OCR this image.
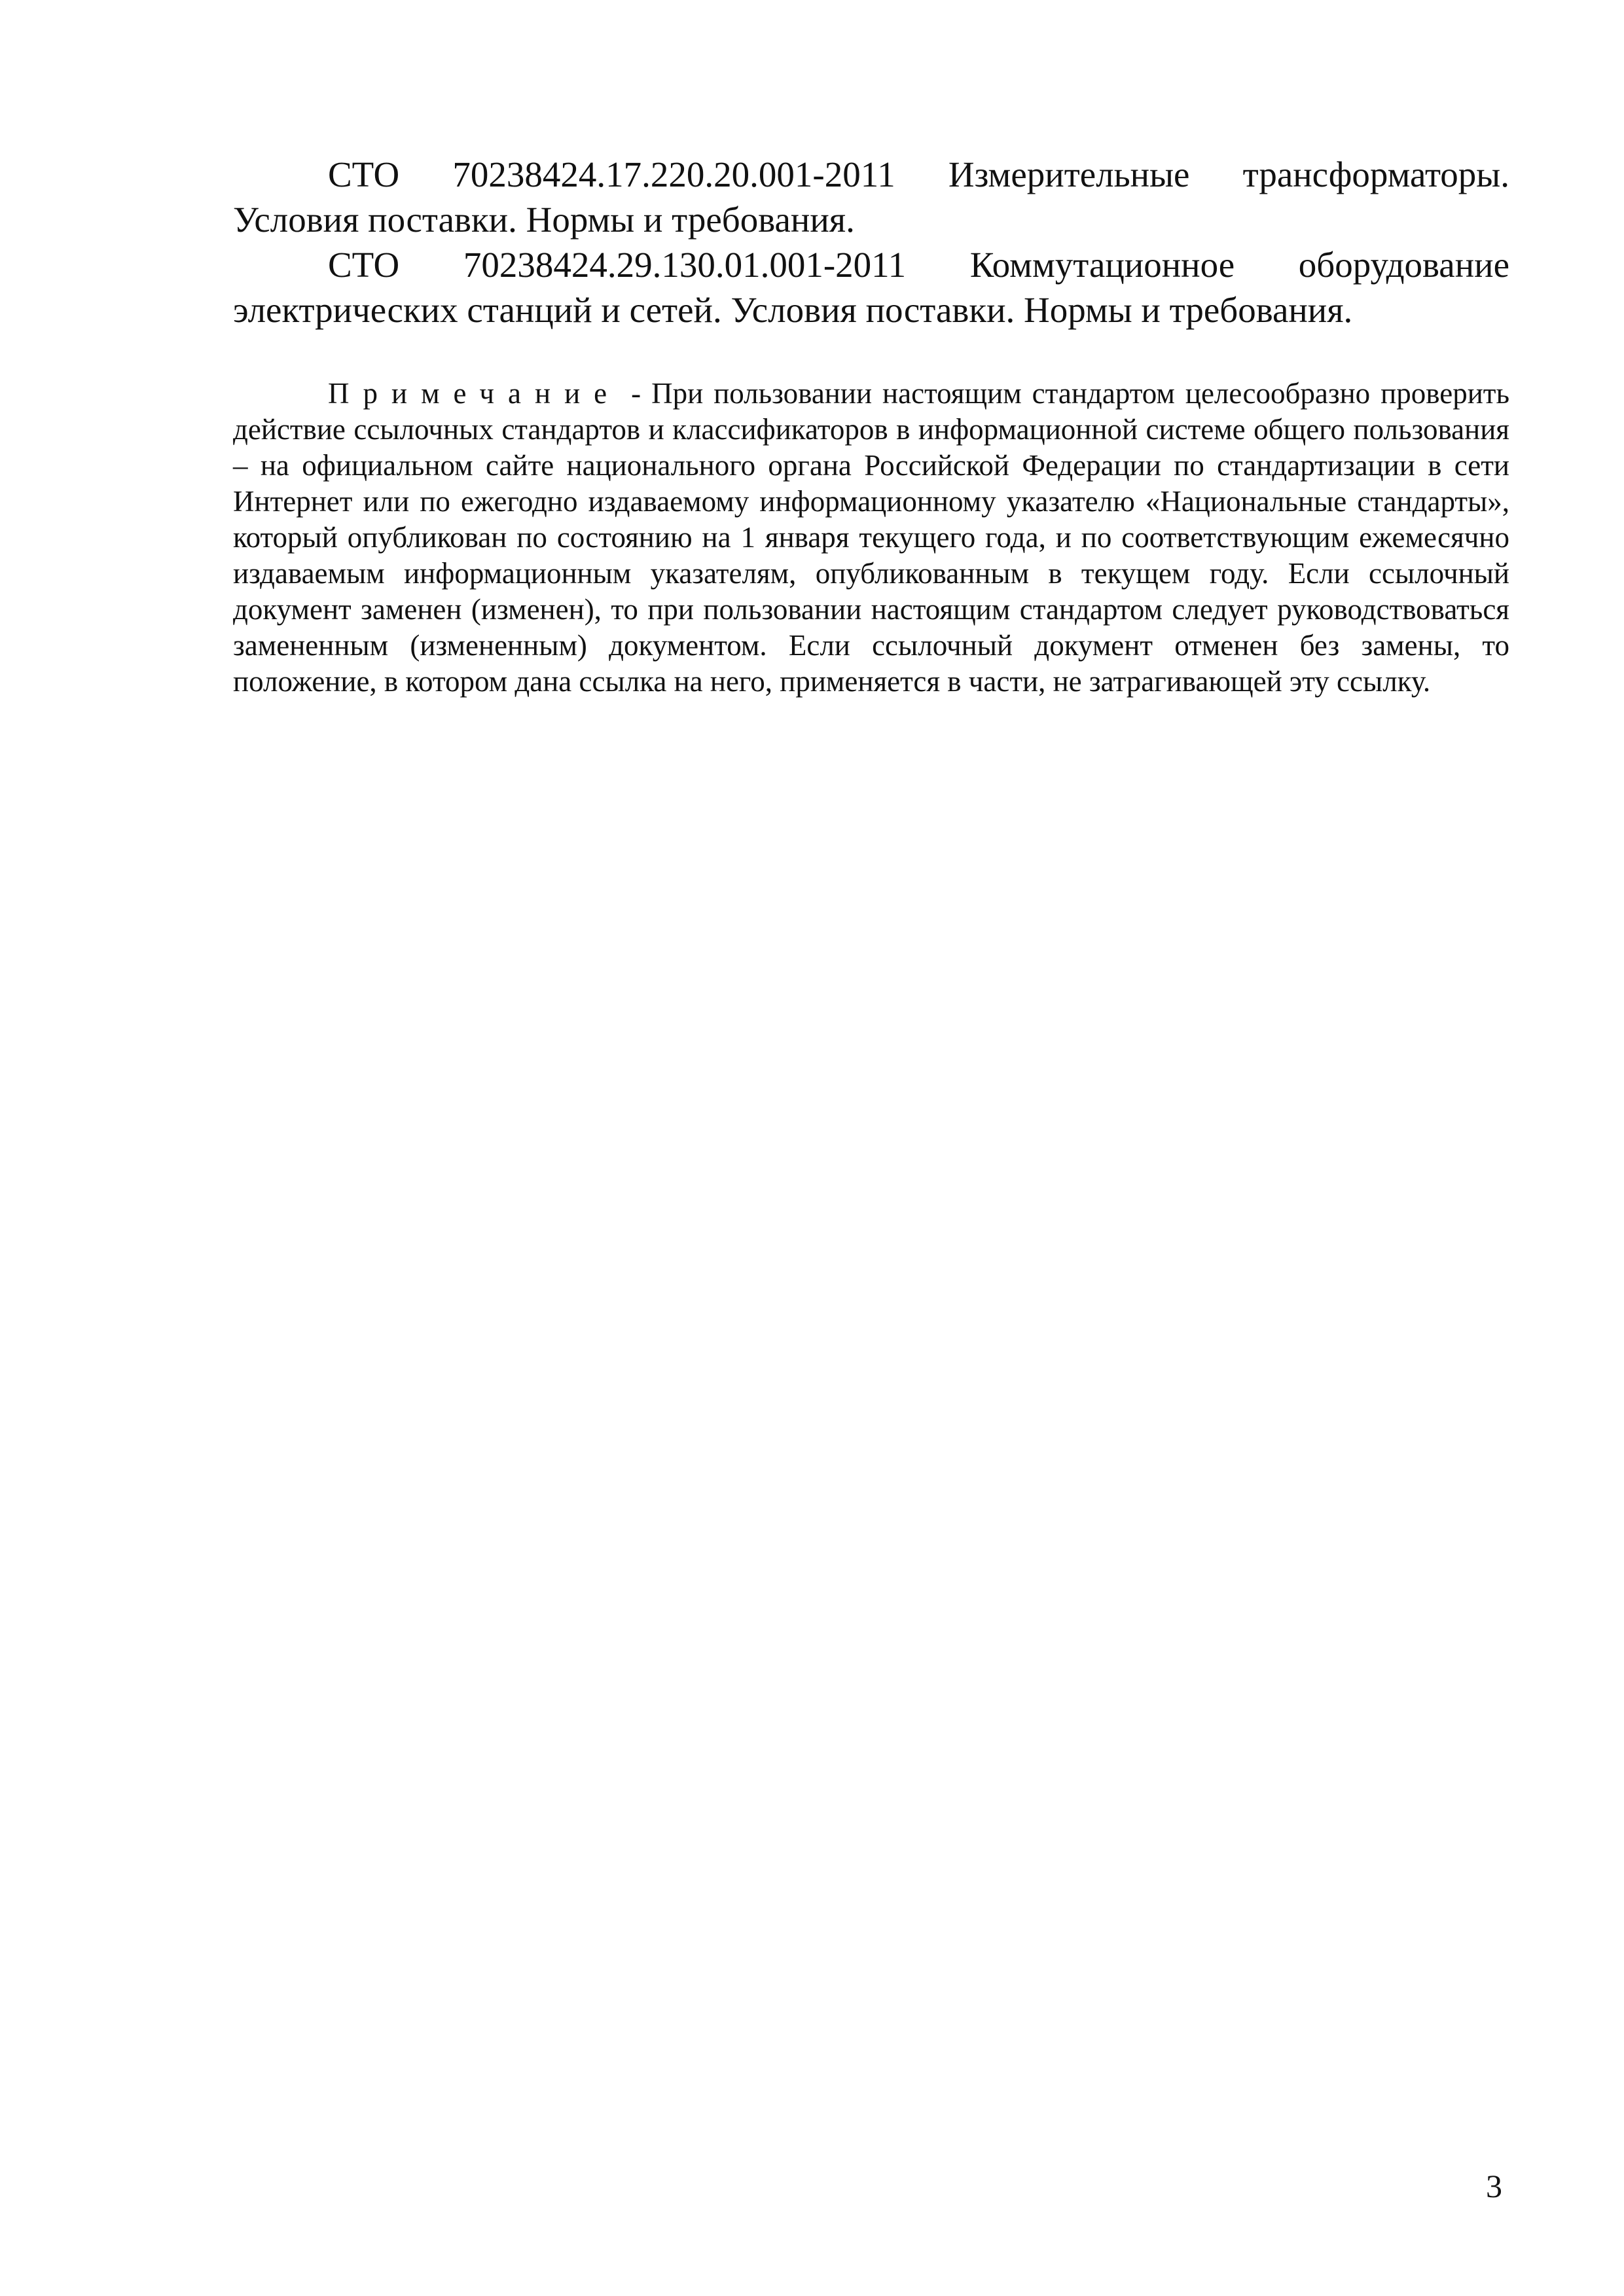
СТО 70238424.17.220.20.001-2011 Измерительные трансформаторы. Условия поставки. Нормы и требования.

СТО 70238424.29.130.01.001-2011 Коммутационное оборудование электрических станций и сетей. Условия поставки. Нормы и требования.

Примечание - При пользовании настоящим стандартом целесообразно проверить действие ссылочных стандартов и классификаторов в информационной системе общего пользования – на официальном сайте национального органа Российской Федерации по стандартизации в сети Интернет или по ежегодно издаваемому информационному указателю «Национальные стандарты», который опубликован по состоянию на 1 января текущего года, и по соответствующим ежемесячно издаваемым информационным указателям, опубликованным в текущем году. Если ссылочный документ заменен (изменен), то при пользовании настоящим стандартом следует руководствоваться замененным (измененным) документом. Если ссылочный документ отменен без замены, то положение, в котором дана ссылка на него, применяется в части, не затрагивающей эту ссылку.

3
